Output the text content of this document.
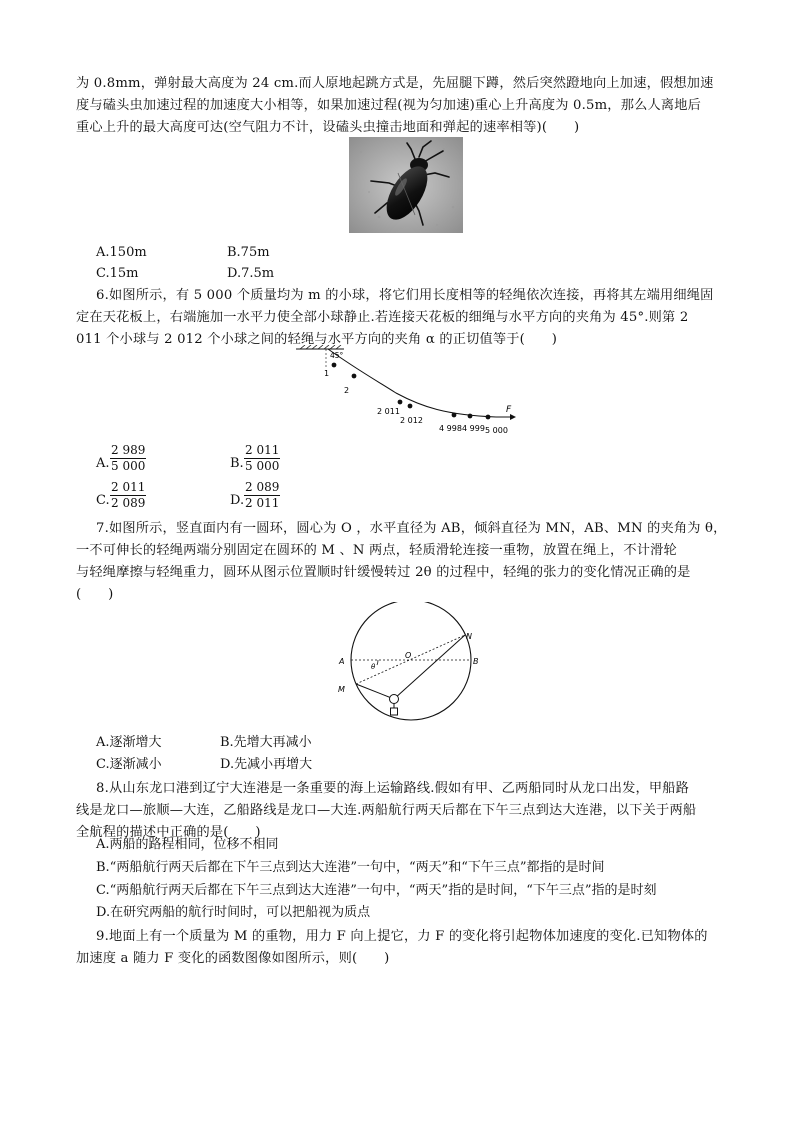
为 0.8mm，弹射最大高度为 24 cm.而人原地起跳方式是，先屈腿下蹲，然后突然蹬地向上加速，假想加速
度与磕头虫加速过程的加速度大小相等，如果加速过程(视为匀加速)重心上升高度为 0.5m，那么人离地后
重心上升的最大高度可达(空气阻力不计，设磕头虫撞击地面和弹起的速率相等)(　　)
A.150m	B.75m
C.15m	D.7.5m
6.如图所示，有 5 000 个质量均为 m 的小球，将它们用长度相等的轻绳依次连接，再将其左端用细绳固
定在天花板上，右端施加一水平力使全部小球静止.若连接天花板的细绳与水平方向的夹角为 45°.则第 2
011 个小球与 2 012 个小球之间的轻绳与水平方向的夹角 α 的正切值等于(　　)
45°
1
2
2 011
2 012
4 998 4 999 5 000
F
A. $\frac{2 989}{5 000}$	B. $\frac{2 011}{5 000}$
C. $\frac{2 011}{2 089}$	D. $\frac{2 089}{2 011}$
7.如图所示，竖直面内有一圆环，圆心为 O ，水平直径为 AB，倾斜直径为 MN，AB、MN 的夹角为 θ，
一不可伸长的轻绳两端分别固定在圆环的 M 、N 两点，轻质滑轮连接一重物，放置在绳上，不计滑轮
与轻绳摩擦与轻绳重力，圆环从图示位置顺时针缓慢转过 2θ 的过程中，轻绳的张力的变化情况正确的是
(　　)
A	B
O
M
N
θ
A.逐渐增大	B.先增大再减小
C.逐渐减小	D.先减小再增大
8.从山东龙口港到辽宁大连港是一条重要的海上运输路线.假如有甲、乙两船同时从龙口出发，甲船路
线是龙口—旅顺—大连，乙船路线是龙口—大连.两船航行两天后都在下午三点到达大连港，以下关于两船
全航程的描述中正确的是(　　)
A.两船的路程相同，位移不相同
B.“两船航行两天后都在下午三点到达大连港”一句中，“两天”和“下午三点”都指的是时间
C.“两船航行两天后都在下午三点到达大连港”一句中，“两天”指的是时间，“下午三点”指的是时刻
D.在研究两船的航行时间时，可以把船视为质点
9.地面上有一个质量为 M 的重物，用力 F 向上提它，力 F 的变化将引起物体加速度的变化.已知物体的
加速度 a 随力 F 变化的函数图像如图所示，则(　　)
